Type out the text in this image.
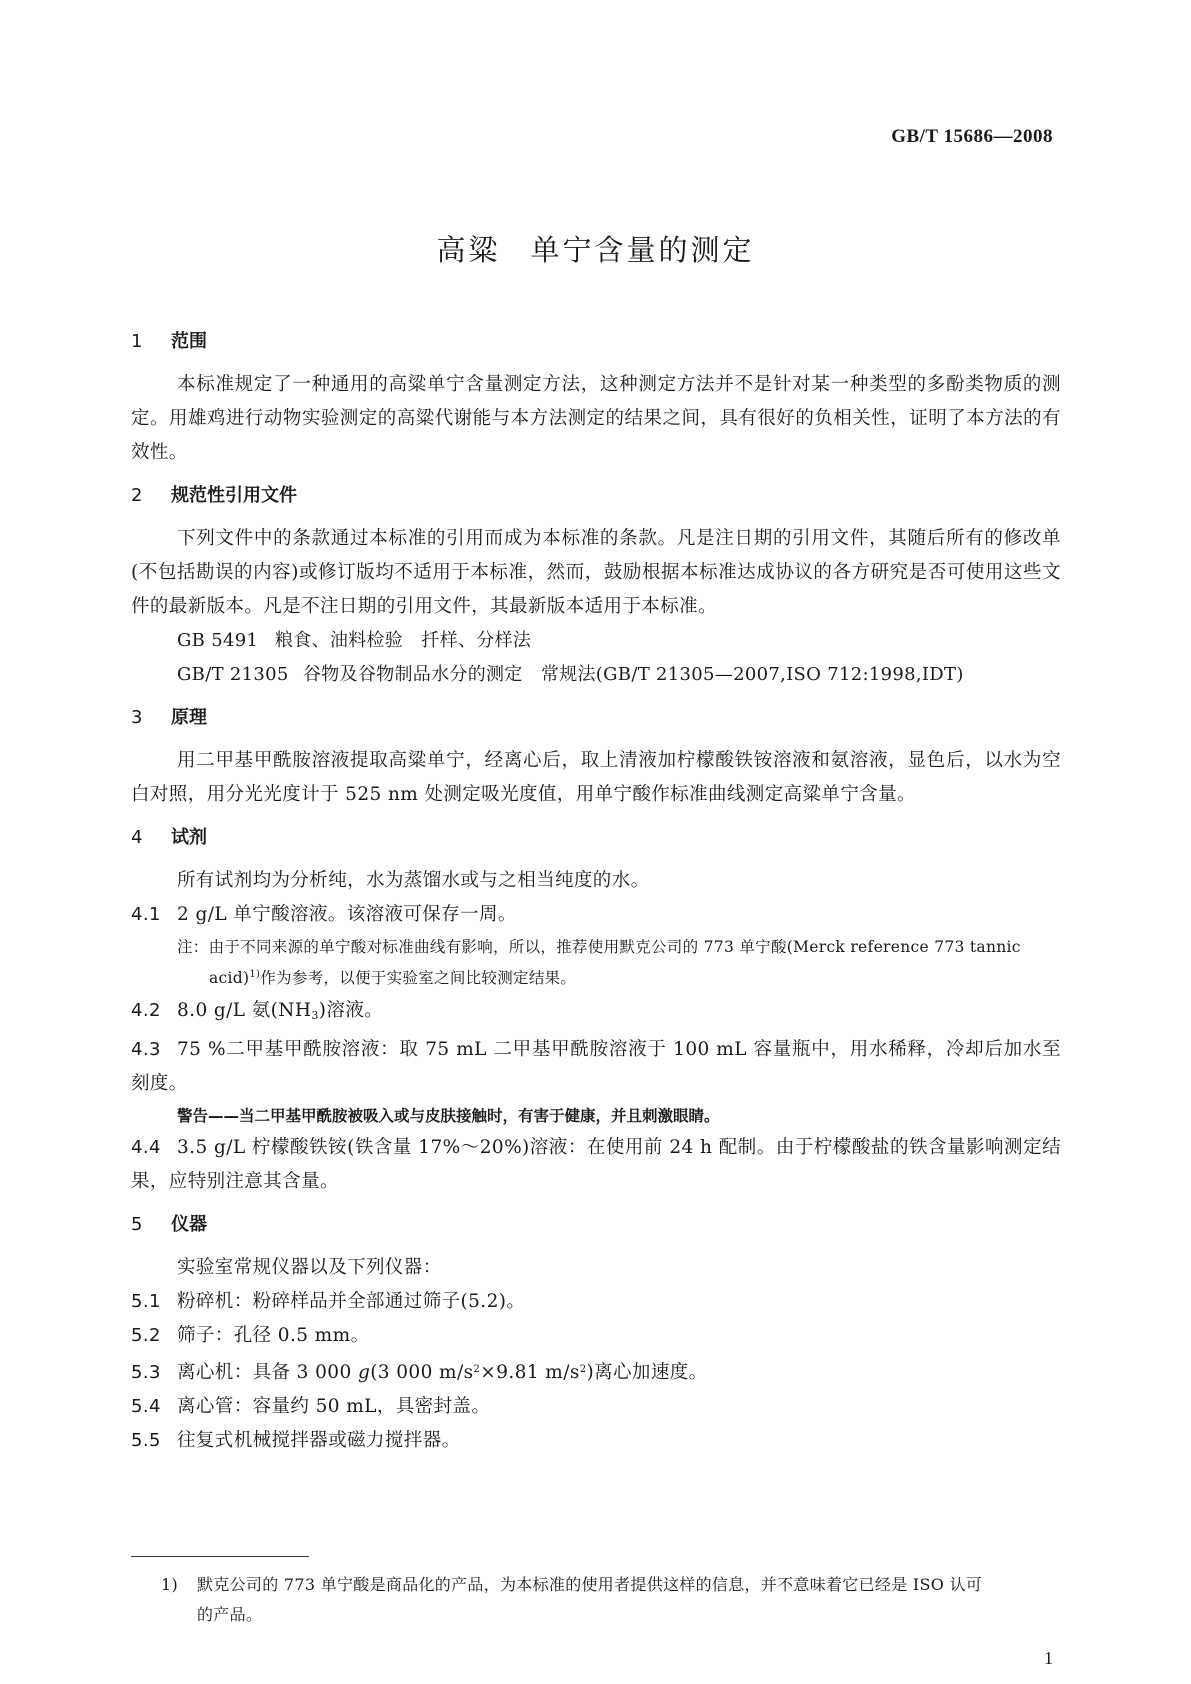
GB/T 15686—2008
高粱 单宁含量的测定
1 范围

本标准规定了一种通用的高粱单宁含量测定方法，这种测定方法并不是针对某一种类型的多酚类物质的测定。用雄鸡进行动物实验测定的高粱代谢能与本方法测定的结果之间，具有很好的负相关性，证明了本方法的有效性。

2 规范性引用文件

下列文件中的条款通过本标准的引用而成为本标准的条款。凡是注日期的引用文件，其随后所有的修改单(不包括勘误的内容)或修订版均不适用于本标准，然而，鼓励根据本标准达成协议的各方研究是否可使用这些文件的最新版本。凡是不注日期的引用文件，其最新版本适用于本标准。

GB 5491 粮食、油料检验　扦样、分样法
GB/T 21305 谷物及谷物制品水分的测定　常规法(GB/T 21305—2007,ISO 712:1998,IDT)
3 原理

用二甲基甲酰胺溶液提取高粱单宁，经离心后，取上清液加柠檬酸铁铵溶液和氨溶液，显色后，以水为空白对照，用分光光度计于 525 nm 处测定吸光度值，用单宁酸作标准曲线测定高粱单宁含量。

4 试剂

所有试剂均为分析纯，水为蒸馏水或与之相当纯度的水。

4.1 2 g/L 单宁酸溶液。该溶液可保存一周。

注：由于不同来源的单宁酸对标准曲线有影响，所以，推荐使用默克公司的 773 单宁酸(Merck reference 773 tannic
acid)$^{1)}$作为参考，以便于实验室之间比较测定结果。

4.2 8.0 g/L 氨$(NH_3)$溶液。

4.3 75 %二甲基甲酰胺溶液：取 75 mL 二甲基甲酰胺溶液于 100 mL 容量瓶中，用水稀释，冷却后加水至刻度。

警告——当二甲基甲酰胺被吸入或与皮肤接触时，有害于健康，并且刺激眼睛。

4.4 3.5 g/L 柠檬酸铁铵(铁含量 17%～20%)溶液：在使用前 24 h 配制。由于柠檬酸盐的铁含量影响测定结果，应特别注意其含量。

5 仪器

实验室常规仪器以及下列仪器：

5.1 粉碎机：粉碎样品并全部通过筛子(5.2)。

5.2 筛子：孔径 0.5 mm。

5.3 离心机：具备 3 000 g(3 000 $m/s^2\times 9.81$ $m/s^2$)离心加速度。

5.4 离心管：容量约 50 mL，具密封盖。

5.5 往复式机械搅拌器或磁力搅拌器。

1) 默克公司的 773 单宁酸是商品化的产品，为本标准的使用者提供这样的信息，并不意味着它已经是 ISO 认可
的产品。
1
